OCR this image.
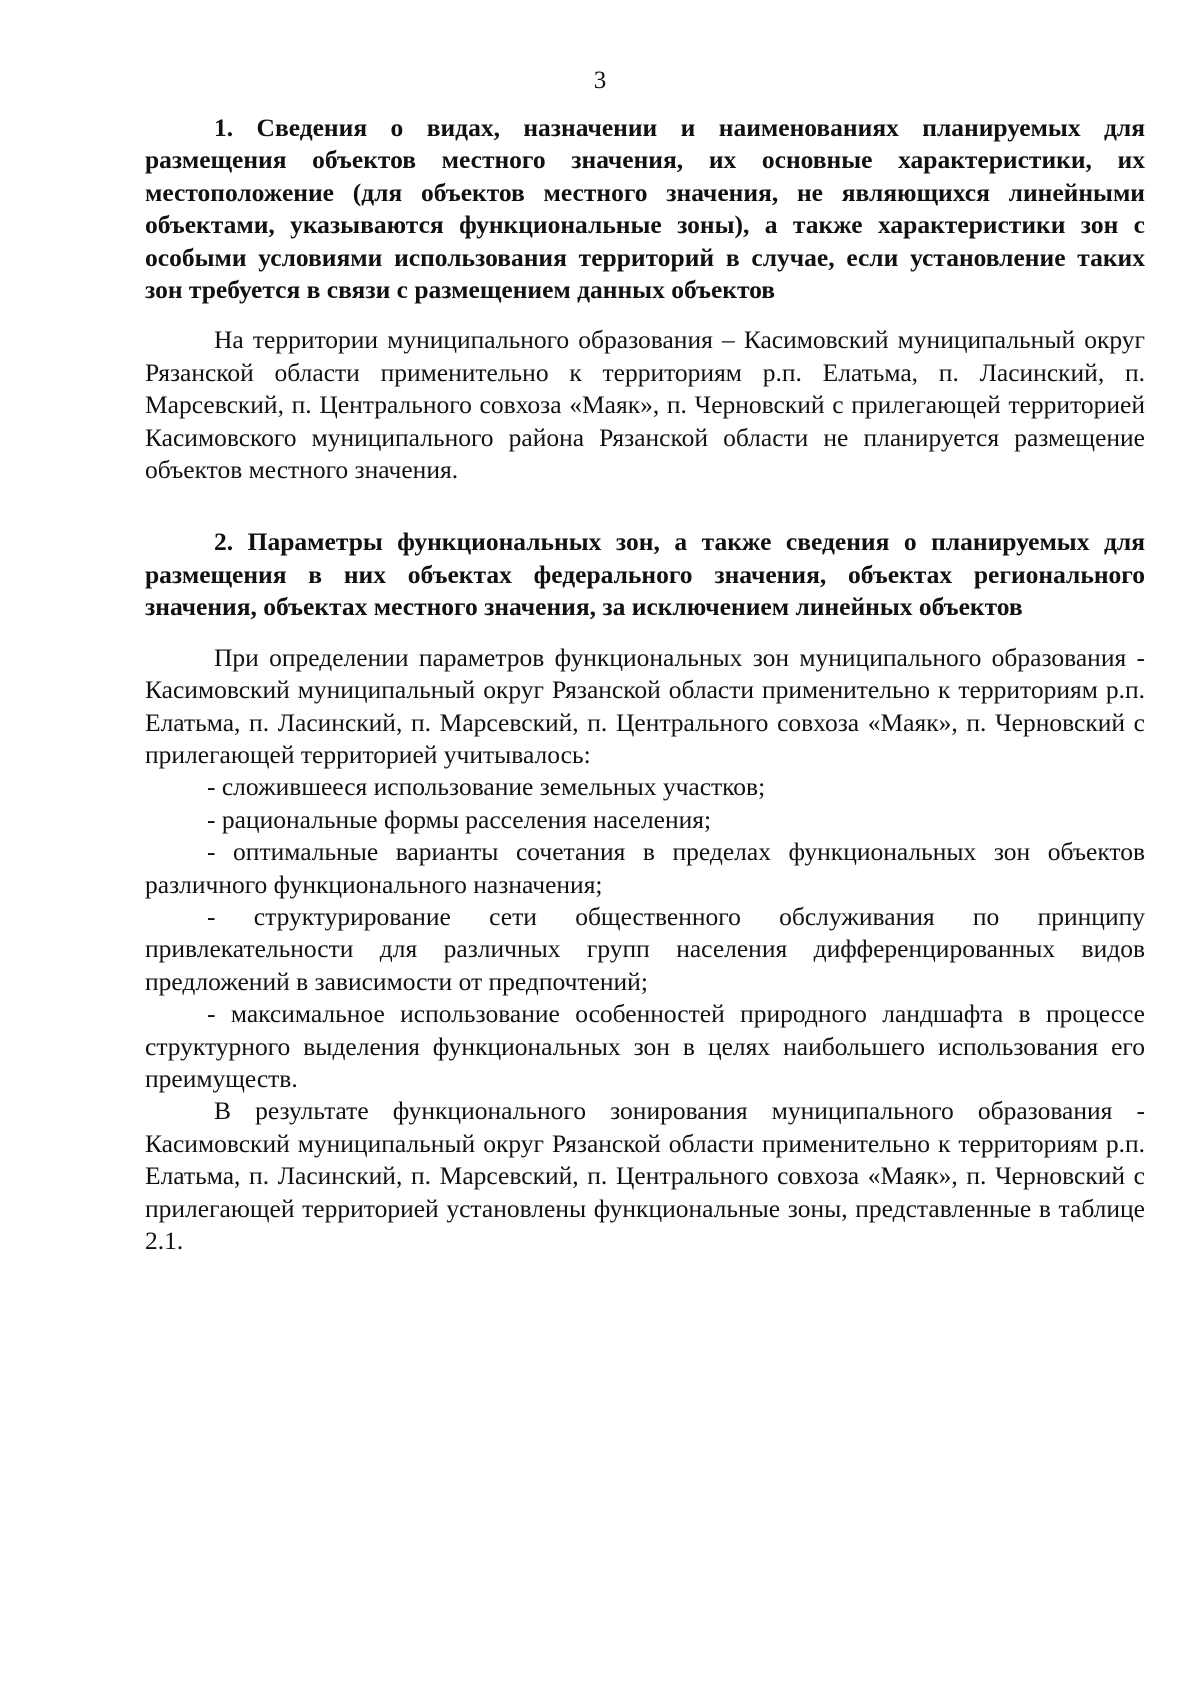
3

1. Сведения о видах, назначении и наименованиях планируемых для размещения объектов местного значения, их основные характеристики, их местоположение (для объектов местного значения, не являющихся линейными объектами, указываются функциональные зоны), а также характеристики зон с особыми условиями использования территорий в случае, если установление таких зон требуется в связи с размещением данных объектов

На территории муниципального образования – Касимовский муниципальный округ Рязанской области применительно к территориям р.п. Елатьма, п. Ласинский, п. Марсевский, п. Центрального совхоза «Маяк», п. Черновский с прилегающей территорией Касимовского муниципального района Рязанской области не планируется размещение объектов местного значения.

2. Параметры функциональных зон, а также сведения о планируемых для размещения в них объектах федерального значения, объектах регионального значения, объектах местного значения, за исключением линейных объектов

При определении параметров функциональных зон муниципального образования - Касимовский муниципальный округ Рязанской области применительно к территориям р.п. Елатьма, п. Ласинский, п. Марсевский, п. Центрального совхоза «Маяк», п. Черновский с прилегающей территорией учитывалось:

- сложившееся использование земельных участков;
- рациональные формы расселения населения;
- оптимальные варианты сочетания в пределах функциональных зон объектов различного функционального назначения;
- структурирование сети общественного обслуживания по принципу привлекательности для различных групп населения дифференцированных видов предложений в зависимости от предпочтений;
- максимальное использование особенностей природного ландшафта в процессе структурного выделения функциональных зон в целях наибольшего использования его преимуществ.

В результате функционального зонирования муниципального образования - Касимовский муниципальный округ Рязанской области применительно к территориям р.п. Елатьма, п. Ласинский, п. Марсевский, п. Центрального совхоза «Маяк», п. Черновский с прилегающей территорией установлены функциональные зоны, представленные в таблице 2.1.
